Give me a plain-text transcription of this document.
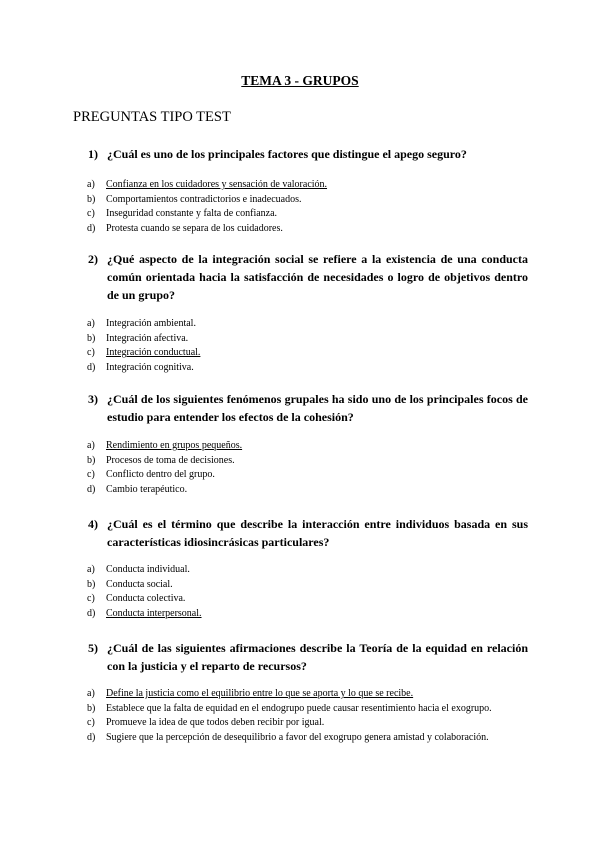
TEMA 3 - GRUPOS
PREGUNTAS TIPO TEST
1) ¿Cuál es uno de los principales factores que distingue el apego seguro?
a)	Confianza en los cuidadores y sensación de valoración.
b)	Comportamientos contradictorios e inadecuados.
c)	Inseguridad constante y falta de confianza.
d)	Protesta cuando se separa de los cuidadores.
2) ¿Qué aspecto de la integración social se refiere a la existencia de una conducta común orientada hacia la satisfacción de necesidades o logro de objetivos dentro de un grupo?
a)	Integración ambiental.
b)	Integración afectiva.
c)	Integración conductual.
d)	Integración cognitiva.
3) ¿Cuál de los siguientes fenómenos grupales ha sido uno de los principales focos de estudio para entender los efectos de la cohesión?
a)	Rendimiento en grupos pequeños.
b)	Procesos de toma de decisiones.
c)	Conflicto dentro del grupo.
d)	Cambio terapéutico.
4) ¿Cuál es el término que describe la interacción entre individuos basada en sus características idiosincrásicas particulares?
a)	Conducta individual.
b)	Conducta social.
c)	Conducta colectiva.
d)	Conducta interpersonal.
5) ¿Cuál de las siguientes afirmaciones describe la Teoría de la equidad en relación con la justicia y el reparto de recursos?
a)	Define la justicia como el equilibrio entre lo que se aporta y lo que se recibe.
b)	Establece que la falta de equidad en el endogrupo puede causar resentimiento hacia el exogrupo.
c)	Promueve la idea de que todos deben recibir por igual.
d)	Sugiere que la percepción de desequilibrio a favor del exogrupo genera amistad y colaboración.
